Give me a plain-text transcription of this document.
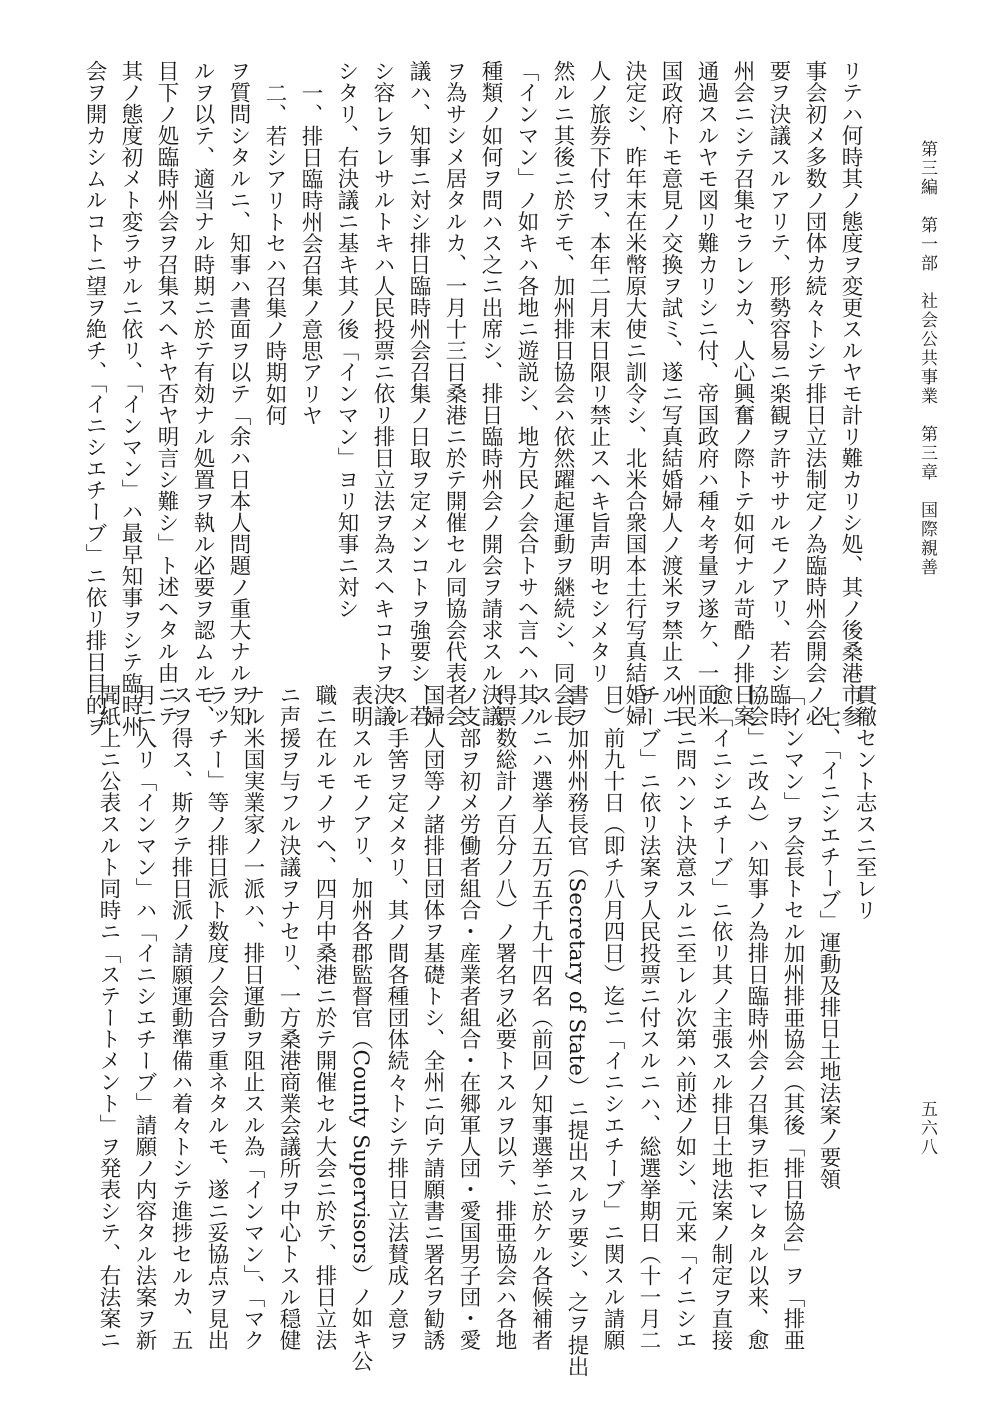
第三編　第一部　社会公共事業　第三章　国際親善
五六八
リテハ何時其ノ態度ヲ変更スルヤモ計リ難カリシ処、其ノ後桑港市参
事会初メ多数ノ団体カ続々トシテ排日立法制定ノ為臨時州会開会ノ必
要ヲ決議スルアリテ、形勢容易ニ楽観ヲ許ササルモノアリ、若シ臨時
州会ニシテ召集セラレンカ、人心興奮ノ際トテ如何ナル苛酷ノ排日案
通過スルヤモ図リ難カリシニ付、帝国政府ハ種々考量ヲ遂ケ、一面米
国政府トモ意見ノ交換ヲ試ミ、遂ニ写真結婚婦人ノ渡米ヲ禁止スルニ
決定シ、昨年末在米幣原大使ニ訓令シ、北米合衆国本土行写真結婚婦
人ノ旅券下付ヲ、本年二月末日限リ禁止スヘキ旨声明セシメタリ
然ルニ其後ニ於テモ、加州排日協会ハ依然躍起運動ヲ継続シ、同会長
「インマン」ノ如キハ各地ニ遊説シ、地方民ノ会合トサヘ言ヘハ其ノ
種類ノ如何ヲ問ハス之ニ出席シ、排日臨時州会ノ開会ヲ請求スル決議
ヲ為サシメ居タルカ、一月十三日桑港ニ於テ開催セル同協会代表者会
議ハ、知事ニ対シ排日臨時州会召集ノ日取ヲ定メンコトヲ強要シ、若
シ容レラレサルトキハ人民投票ニ依リ排日立法ヲ為スヘキコトヲ決議
シタリ、右決議ニ基キ其ノ後「インマン」ヨリ知事ニ対シ
一、排日臨時州会召集ノ意思アリヤ
二、若シアリトセハ召集ノ時期如何
ヲ質問シタルニ、知事ハ書面ヲ以テ「余ハ日本人問題ノ重大ナルヲ知
ルヲ以テ、適当ナル時期ニ於テ有効ナル処置ヲ執ル必要ヲ認ムルモ、
目下ノ処臨時州会ヲ召集スヘキヤ否ヤ明言シ難シ」ト述ヘタル由ニテ
其ノ態度初メト変ラサルニ依リ、「インマン」ハ最早知事ヲシテ臨時州
会ヲ開カシムルコトニ望ヲ絶チ、「イニシエチーブ」ニ依リ排日目的ヲ
貫徹セント志スニ至レリ
七、「イニシエチーブ」運動及排日土地法案ノ要領
「インマン」ヲ会長トセル加州排亜協会（其後「排日協会」ヲ「排亜
協会」ニ改ム）ハ知事ノ為排日臨時州会ノ召集ヲ拒マレタル以来、愈
愈「イニシエチーブ」ニ依リ其ノ主張スル排日土地法案ノ制定ヲ直接
州民ニ問ハント決意スルニ至レル次第ハ前述ノ如シ、元来「イニシエ
チーブ」ニ依リ法案ヲ人民投票ニ付スルニハ、総選挙期日（十一月二
日）前九十日（即チ八月四日）迄ニ「イニシエチーブ」ニ関スル請願
書ヲ加州州務長官（Secretary of State）ニ提出スルヲ要シ、之ヲ提出
スルニハ選挙人五万五千九十四名（前回ノ知事選挙ニ於ケル各候補者
得票数総計ノ百分ノ八）ノ署名ヲ必要トスルヲ以テ、排亜協会ハ各地
ノ支部ヲ初メ労働者組合・産業者組合・在郷軍人団・愛国男子団・愛
国婦人団等ノ諸排日団体ヲ基礎トシ、全州ニ向テ請願書ニ署名ヲ勧誘
スル手筈ヲ定メタリ、其ノ間各種団体続々トシテ排日立法賛成ノ意ヲ
表明スルモノアリ、加州各郡監督官（County Supervisors）ノ如キ公
職ニ在ルモノサヘ、四月中桑港ニ於テ開催セル大会ニ於テ、排日立法
ニ声援ヲ与フル決議ヲナセリ、一方桑港商業会議所ヲ中心トスル穏健
ナル米国実業家ノ一派ハ、排日運動ヲ阻止スル為「インマン」、「マク
ラッチー」等ノ排日派ト数度ノ会合ヲ重ネタルモ、遂ニ妥協点ヲ見出
スヲ得ス、斯クテ排日派ノ請願運動準備ハ着々トシテ進捗セルカ、五
月ニ入リ「インマン」ハ「イニシエチーブ」請願ノ内容タル法案ヲ新
聞紙上ニ公表スルト同時ニ「ステートメント」ヲ発表シテ、右法案ニ
